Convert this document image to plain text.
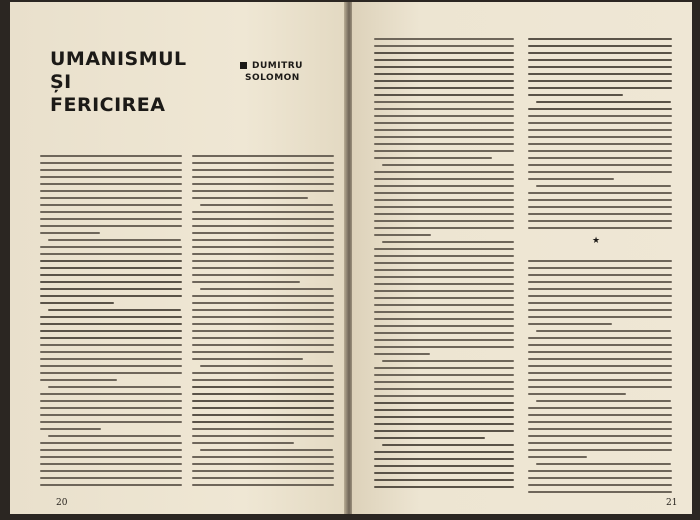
UMANISMUL
ȘI
FERICIREA
DUMITRU
SOLOMON
20
★
21
